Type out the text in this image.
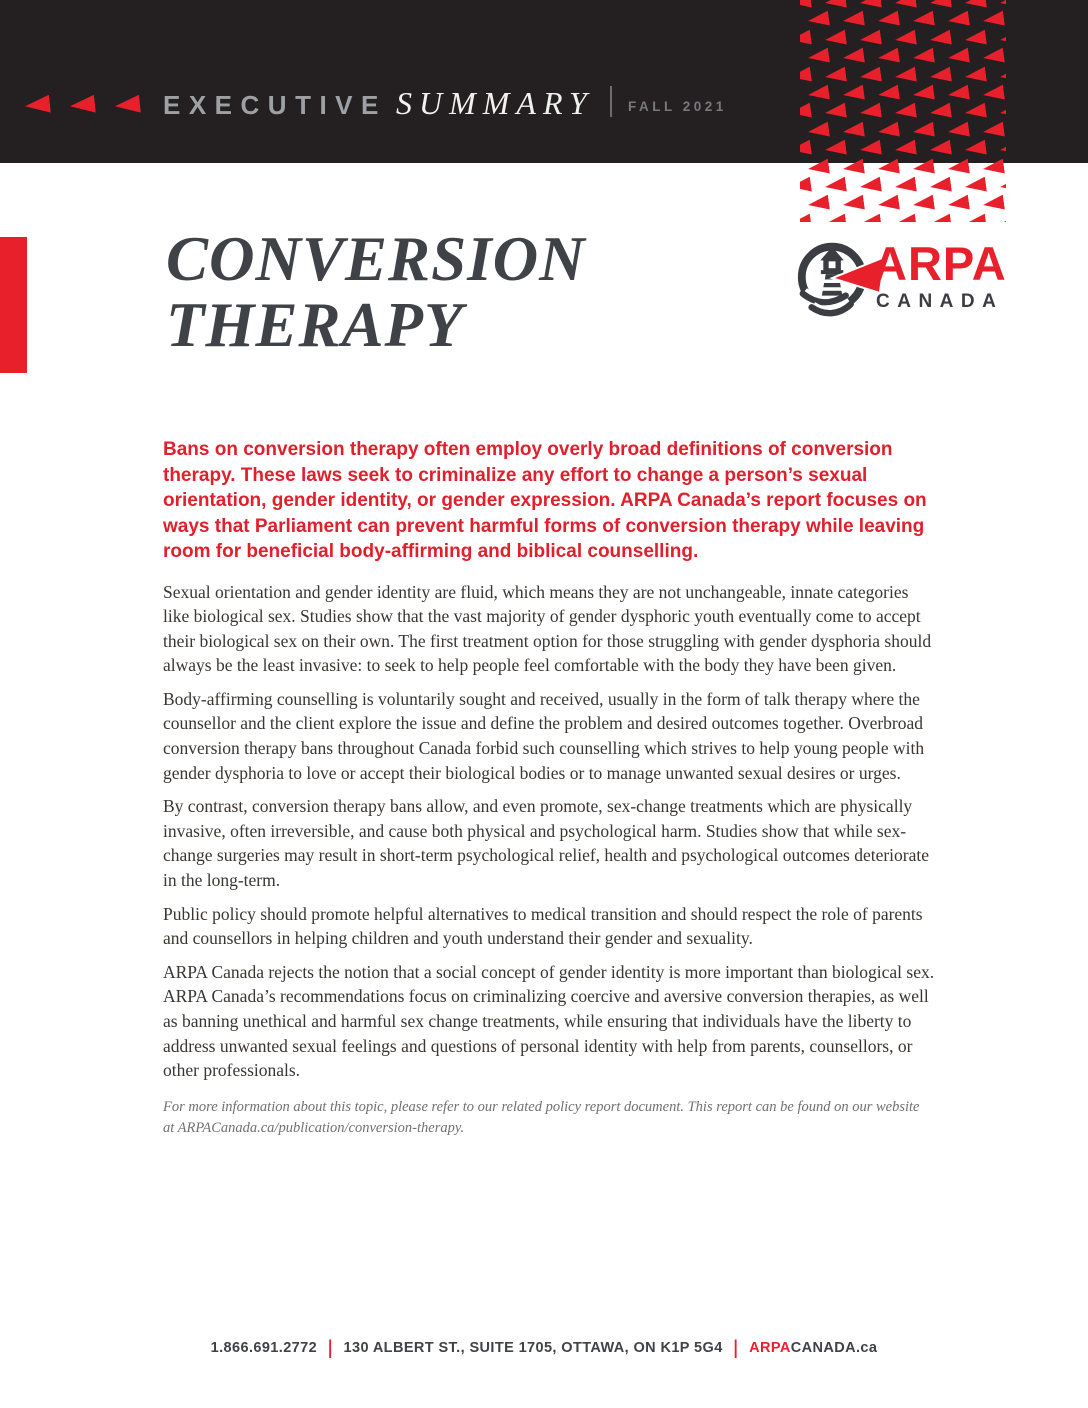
EXECUTIVE SUMMARY	FALL 2021
CONVERSION
THERAPY
ARPA
CANADA

Bans on conversion therapy often employ overly broad definitions of conversion therapy. These laws seek to criminalize any effort to change a person’s sexual orientation, gender identity, or gender expression. ARPA Canada’s report focuses on ways that Parliament can prevent harmful forms of conversion therapy while leaving room for beneficial body-affirming and biblical counselling.

Sexual orientation and gender identity are fluid, which means they are not unchangeable, innate categories like biological sex. Studies show that the vast majority of gender dysphoric youth eventually come to accept their biological sex on their own. The first treatment option for those struggling with gender dysphoria should always be the least invasive: to seek to help people feel comfortable with the body they have been given.

Body-affirming counselling is voluntarily sought and received, usually in the form of talk therapy where the counsellor and the client explore the issue and define the problem and desired outcomes together. Overbroad conversion therapy bans throughout Canada forbid such counselling which strives to help young people with gender dysphoria to love or accept their biological bodies or to manage unwanted sexual desires or urges.

By contrast, conversion therapy bans allow, and even promote, sex-change treatments which are physically invasive, often irreversible, and cause both physical and psychological harm. Studies show that while sex-change surgeries may result in short-term psychological relief, health and psychological outcomes deteriorate in the long-term.

Public policy should promote helpful alternatives to medical transition and should respect the role of parents and counsellors in helping children and youth understand their gender and sexuality.

ARPA Canada rejects the notion that a social concept of gender identity is more important than biological sex. ARPA Canada’s recommendations focus on criminalizing coercive and aversive conversion therapies, as well as banning unethical and harmful sex change treatments, while ensuring that individuals have the liberty to address unwanted sexual feelings and questions of personal identity with help from parents, counsellors, or other professionals.

For more information about this topic, please refer to our related policy report document. This report can be found on our website at ARPACanada.ca/publication/conversion-therapy.

1.866.691.2772 | 130 ALBERT ST., SUITE 1705, OTTAWA, ON K1P 5G4 | ARPACANADA.ca
